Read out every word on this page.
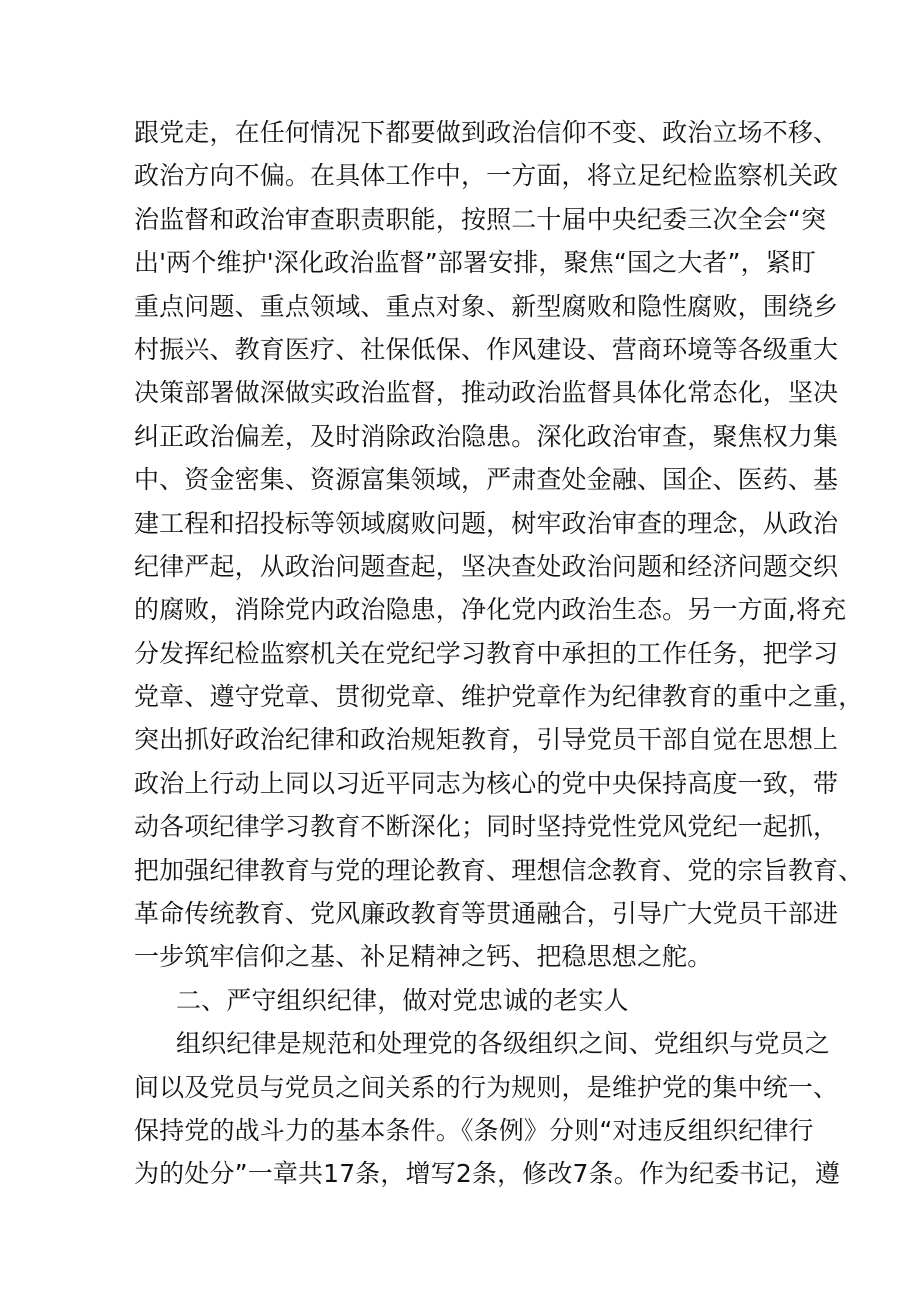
跟党走，在任何情况下都要做到政治信仰不变、政治立场不移、
政治方向不偏。在具体工作中，一方面，将立足纪检监察机关政
治监督和政治审查职责职能，按照二十届中央纪委三次全会“突
出'两个维护'深化政治监督”部署安排，聚焦“国之大者”，紧盯
重点问题、重点领域、重点对象、新型腐败和隐性腐败，围绕乡
村振兴、教育医疗、社保低保、作风建设、营商环境等各级重大
决策部署做深做实政治监督，推动政治监督具体化常态化，坚决
纠正政治偏差，及时消除政治隐患。深化政治审查，聚焦权力集
中、资金密集、资源富集领域，严肃查处金融、国企、医药、基
建工程和招投标等领域腐败问题，树牢政治审查的理念，从政治
纪律严起，从政治问题查起，坚决查处政治问题和经济问题交织
的腐败，消除党内政治隐患，净化党内政治生态。另一方面,将充
分发挥纪检监察机关在党纪学习教育中承担的工作任务，把学习
党章、遵守党章、贯彻党章、维护党章作为纪律教育的重中之重，
突出抓好政治纪律和政治规矩教育，引导党员干部自觉在思想上
政治上行动上同以习近平同志为核心的党中央保持高度一致，带
动各项纪律学习教育不断深化；同时坚持党性党风党纪一起抓，
把加强纪律教育与党的理论教育、理想信念教育、党的宗旨教育、
革命传统教育、党风廉政教育等贯通融合，引导广大党员干部进
一步筑牢信仰之基、补足精神之钙、把稳思想之舵。
二、严守组织纪律，做对党忠诚的老实人
组织纪律是规范和处理党的各级组织之间、党组织与党员之
间以及党员与党员之间关系的行为规则，是维护党的集中统一、
保持党的战斗力的基本条件。《条例》分则“对违反组织纪律行
为的处分”一章共17条，增写2条，修改7条。作为纪委书记，遵
